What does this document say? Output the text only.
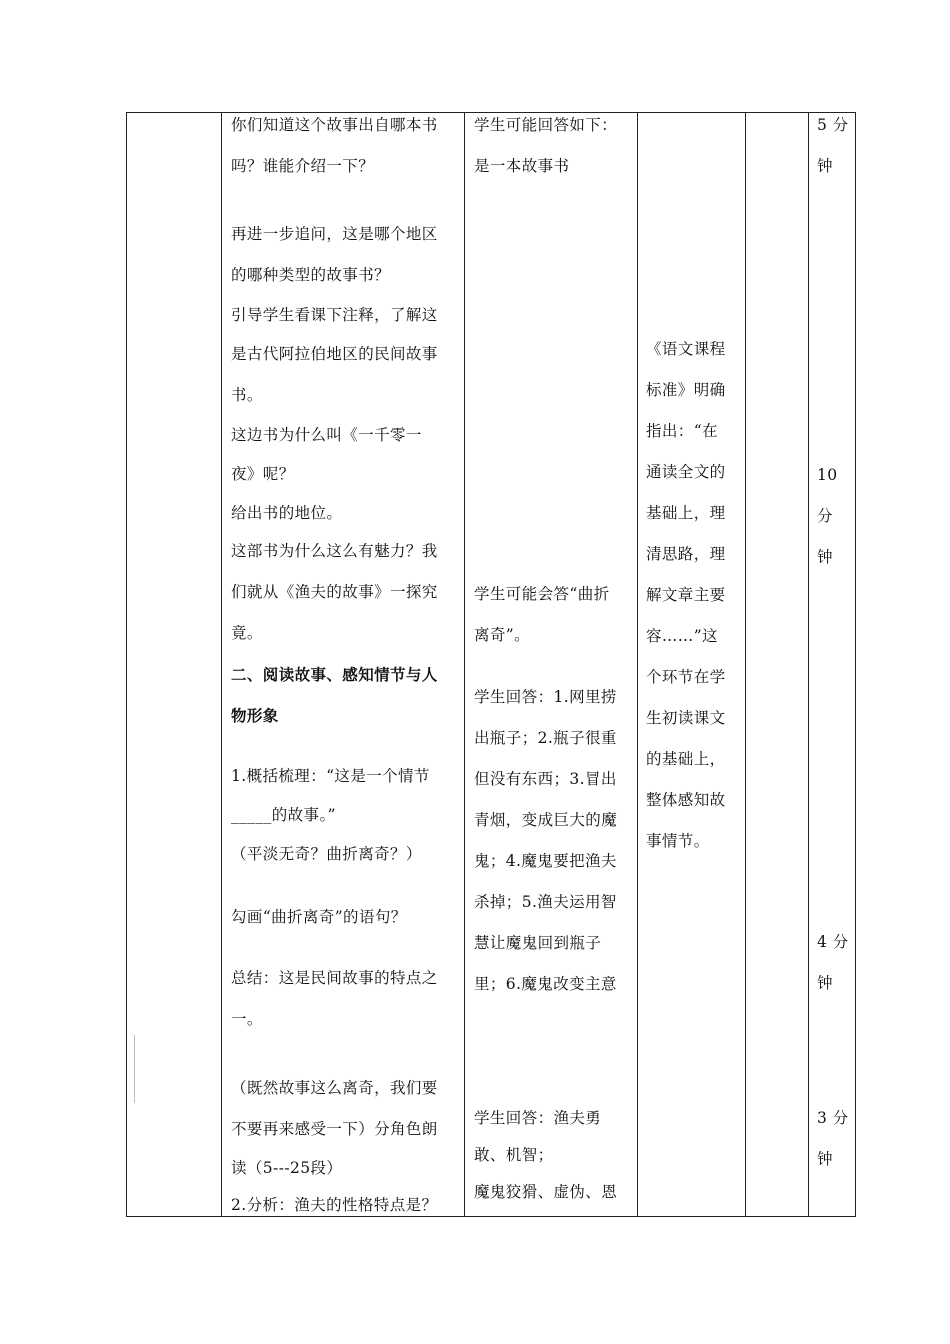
你们知道这个故事出自哪本书
吗？谁能介绍一下？
再进一步追问，这是哪个地区
的哪种类型的故事书？
引导学生看课下注释，了解这
是古代阿拉伯地区的民间故事
书。
这边书为什么叫《一千零一
夜》呢？
给出书的地位。
这部书为什么这么有魅力？我
们就从《渔夫的故事》一探究
竟。
二、阅读故事、感知情节与人
物形象
1.概括梳理：“这是一个情节
_____的故事。”
（平淡无奇？曲折离奇？）
勾画“曲折离奇”的语句？
总结：这是民间故事的特点之
一。
（既然故事这么离奇，我们要
不要再来感受一下）分角色朗
读（5---25段）
2.分析：渔夫的性格特点是？
学生可能回答如下：
是一本故事书
学生可能会答“曲折
离奇”。
学生回答：1.网里捞
出瓶子；2.瓶子很重
但没有东西；3.冒出
青烟，变成巨大的魔
鬼；4.魔鬼要把渔夫
杀掉；5.渔夫运用智
慧让魔鬼回到瓶子
里；6.魔鬼改变主意
学生回答：渔夫勇
敢、机智；
魔鬼狡猾、虚伪、恩
《语文课程
标准》明确
指出：“在
通读全文的
基础上，理
清思路，理
解文章主要
容……”这
个环节在学
生初读课文
的基础上，
整体感知故
事情节。
5 分
钟
10
分
钟
4 分
钟
3 分
钟
